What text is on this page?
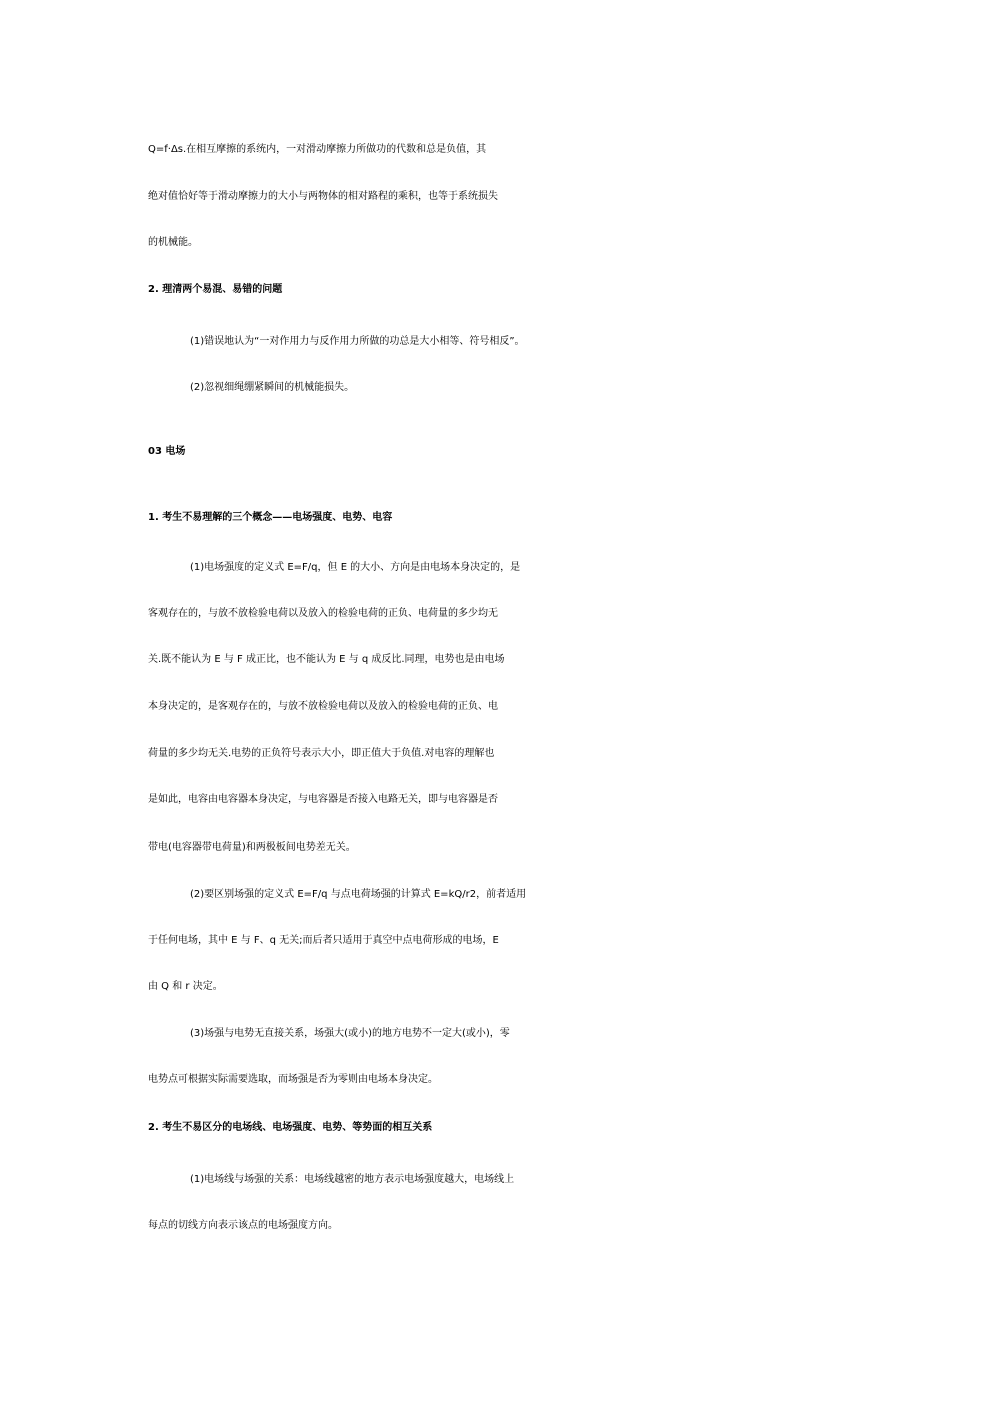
Q=f·Δs.在相互摩擦的系统内，一对滑动摩擦力所做功的代数和总是负值，其
绝对值恰好等于滑动摩擦力的大小与两物体的相对路程的乘积，也等于系统损失
的机械能。
2. 理清两个易混、易错的问题
(1)错误地认为“一对作用力与反作用力所做的功总是大小相等、符号相反”。
(2)忽视细绳绷紧瞬间的机械能损失。
03 电场
1. 考生不易理解的三个概念——电场强度、电势、电容
(1)电场强度的定义式 E=F/q，但 E 的大小、方向是由电场本身决定的，是
客观存在的，与放不放检验电荷以及放入的检验电荷的正负、电荷量的多少均无
关.既不能认为 E 与 F 成正比，也不能认为 E 与 q 成反比.同理，电势也是由电场
本身决定的，是客观存在的，与放不放检验电荷以及放入的检验电荷的正负、电
荷量的多少均无关.电势的正负符号表示大小，即正值大于负值.对电容的理解也
是如此，电容由电容器本身决定，与电容器是否接入电路无关，即与电容器是否
带电(电容器带电荷量)和两极板间电势差无关。
(2)要区别场强的定义式 E=F/q 与点电荷场强的计算式 E=kQ/r2，前者适用
于任何电场，其中 E 与 F、q 无关;而后者只适用于真空中点电荷形成的电场，E
由 Q 和 r 决定。
(3)场强与电势无直接关系，场强大(或小)的地方电势不一定大(或小)，零
电势点可根据实际需要选取，而场强是否为零则由电场本身决定。
2. 考生不易区分的电场线、电场强度、电势、等势面的相互关系
(1)电场线与场强的关系：电场线越密的地方表示电场强度越大，电场线上
每点的切线方向表示该点的电场强度方向。
